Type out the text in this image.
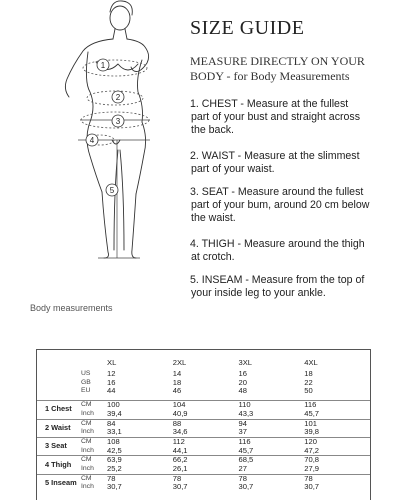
1
2
3
4
5
Body measurements
SIZE GUIDE
MEASURE DIRECTLY ON YOUR
BODY - for Body Measurements
1. CHEST - Measure at the fullest
part of your bust and straight across
the back.
2. WAIST - Measure at the slimmest
part of your waist.
3. SEAT - Measure around the fullest
part of your bum, around 20 cm below
the waist.
4. THIGH - Measure around the thigh
at crotch.
5. INSEAM - Measure from the top of
your inside leg to your ankle.
		XL	2XL	3XL	4XL
	US	12	14	16	18
	GB	16	18	20	22
	EU	44	46	48	50

1 Chest	CM	100	104	110	116
	Inch	39,4	40,9	43,3	45,7
2 Waist	CM	84	88	94	101
	Inch	33,1	34,6	37	39,8
3 Seat	CM	108	112	116	120
	Inch	42,5	44,1	45,7	47,2
4 Thigh	CM	63,9	66,2	68,5	70,8
	Inch	25,2	26,1	27	27,9
5 Inseam	CM	78	78	78	78
	Inch	30,7	30,7	30,7	30,7
